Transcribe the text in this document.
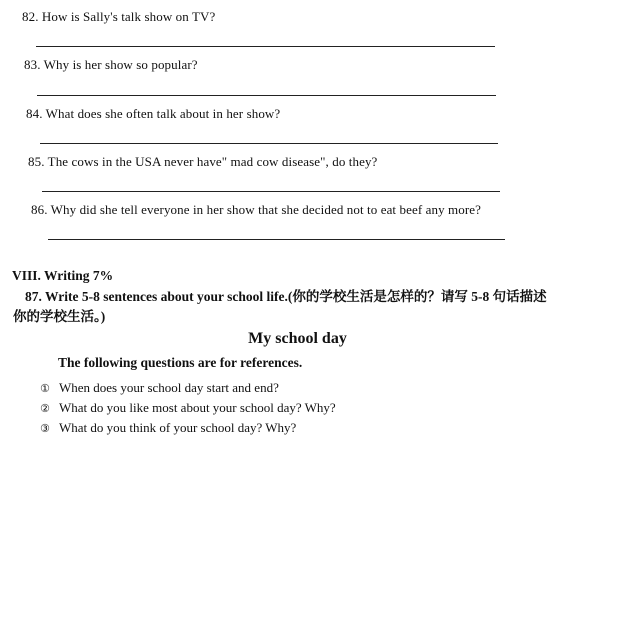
82. How is Sally's talk show on TV?
83. Why is her show so popular?
84. What does she often talk about in her show?
85. The cows in the USA never have" mad cow disease", do they?
86. Why did she tell everyone in her show that she decided not to eat beef any more?
VIII. Writing 7%
87. Write 5-8 sentences about your school life.(你的学校生活是怎样的？请写 5-8 句话描述
你的学校生活。)
My school day
The following questions are for references.
① When does your school day start and end?
② What do you like most about your school day? Why?
③ What do you think of your school day? Why?
